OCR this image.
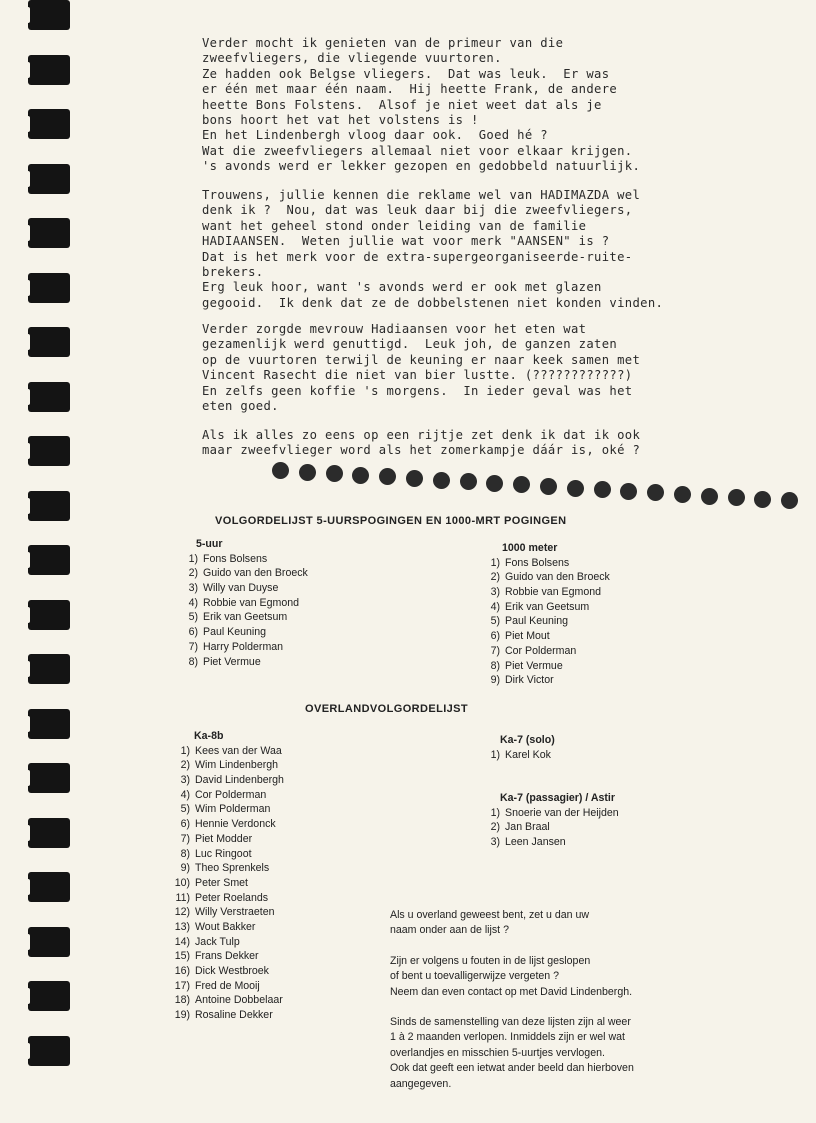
Verder mocht ik genieten van de primeur van die
zweefvliegers, die vliegende vuurtoren.
Ze hadden ook Belgse vliegers.  Dat was leuk.  Er was
er één met maar één naam.  Hij heette Frank, de andere
heette Bons Folstens.  Alsof je niet weet dat als je
bons hoort het vat het volstens is !
En het Lindenbergh vloog daar ook.  Goed hé ?
Wat die zweefvliegers allemaal niet voor elkaar krijgen.
's avonds werd er lekker gezopen en gedobbeld natuurlijk.
Trouwens, jullie kennen die reklame wel van HADIMAZDA wel
denk ik ?  Nou, dat was leuk daar bij die zweefvliegers,
want het geheel stond onder leiding van de familie
HADIAANSEN.  Weten jullie wat voor merk "AANSEN" is ?
Dat is het merk voor de extra-supergeorganiseerde-ruite-
brekers.
Erg leuk hoor, want 's avonds werd er ook met glazen
gegooid.  Ik denk dat ze de dobbelstenen niet konden vinden.
Verder zorgde mevrouw Hadiaansen voor het eten wat
gezamenlijk werd genuttigd.  Leuk joh, de ganzen zaten
op de vuurtoren terwijl de keuning er naar keek samen met
Vincent Rasecht die niet van bier lustte. (????????????)
En zelfs geen koffie 's morgens.  In ieder geval was het
eten goed.
Als ik alles zo eens op een rijtje zet denk ik dat ik ook
maar zweefvlieger word als het zomerkampje dáár is, oké ?
VOLGORDELIJST 5-UURSPOGINGEN EN 1000-MRT POGINGEN
5-uur
1) Fons Bolsens
2) Guido van den Broeck
3) Willy van Duyse
4) Robbie van Egmond
5) Erik van Geetsum
6) Paul Keuning
7) Harry Polderman
8) Piet Vermue
1000 meter
1) Fons Bolsens
2) Guido van den Broeck
3) Robbie van Egmond
4) Erik van Geetsum
5) Paul Keuning
6) Piet Mout
7) Cor Polderman
8) Piet Vermue
9) Dirk Victor
OVERLANDVOLGORDELIJST
Ka-8b
1) Kees van der Waa
2) Wim Lindenbergh
3) David Lindenbergh
4) Cor Polderman
5) Wim Polderman
6) Hennie Verdonck
7) Piet Modder
8) Luc Ringoot
9) Theo Sprenkels
10) Peter Smet
11) Peter Roelands
12) Willy Verstraeten
13) Wout Bakker
14) Jack Tulp
15) Frans Dekker
16) Dick Westbroek
17) Fred de Mooij
18) Antoine Dobbelaar
19) Rosaline Dekker
Ka-7 (solo)
1) Karel Kok
Ka-7 (passagier) / Astir
1) Snoerie van der Heijden
2) Jan Braal
3) Leen Jansen

Als u overland geweest bent, zet u dan uw
naam onder aan de lijst ?

Zijn er volgens u fouten in de lijst geslopen
of bent u toevalligerwijze vergeten ?
Neem dan even contact op met David Lindenbergh.

Sinds de samenstelling van deze lijsten zijn al weer
1 à 2 maanden verlopen. Inmiddels zijn er wel wat
overlandjes en misschien 5-uurtjes vervlogen.
Ook dat geeft een ietwat ander beeld dan hierboven
aangegeven.
